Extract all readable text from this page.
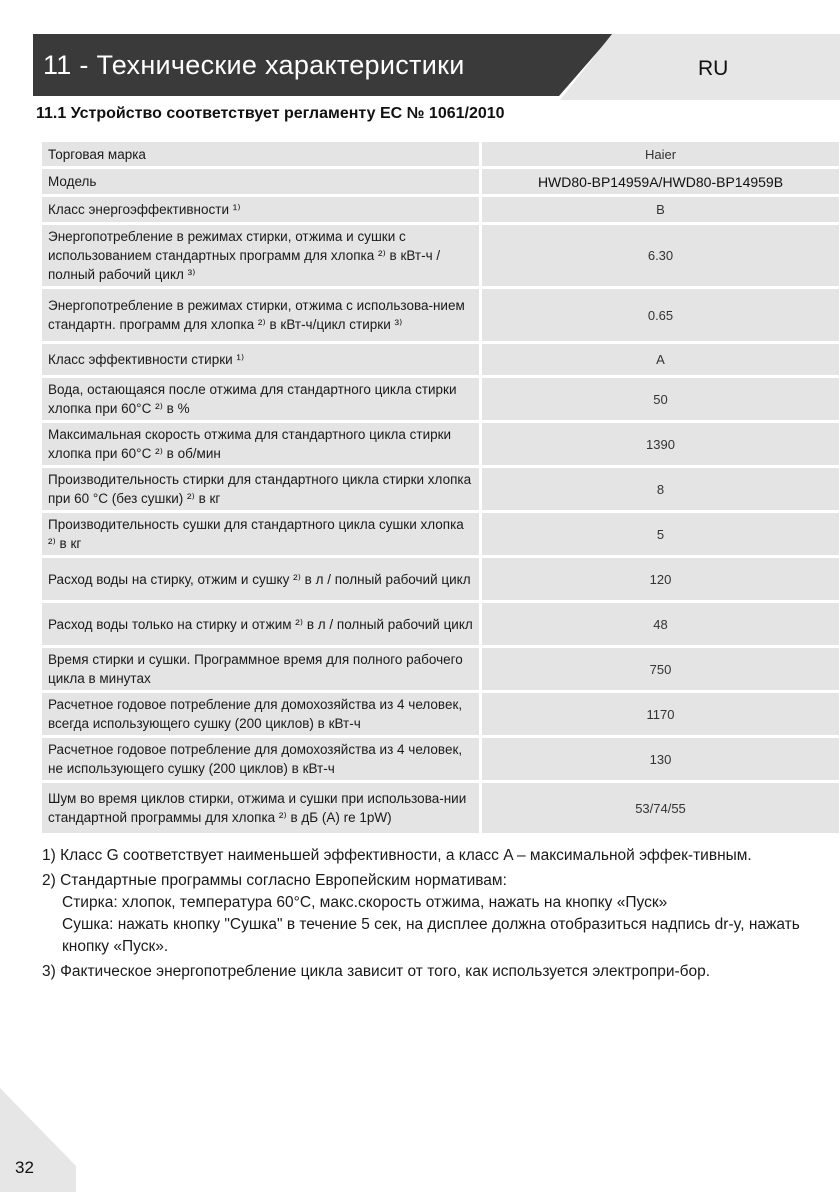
11 - Технические характеристики	RU
11.1 Устройство соответствует регламенту ЕС № 1061/2010
Торговая марка		Haier
Модель		HWD80-BP14959A/HWD80-BP14959B
Класс энергоэффективности ¹⁾		B
Энергопотребление в режимах стирки, отжима и сушки с использованием стандартных программ для хлопка ²⁾ в кВт-ч / полный рабочий цикл ³⁾		6.30
Энергопотребление в режимах стирки, отжима с использова-нием стандартн. программ для хлопка ²⁾ в кВт-ч/цикл стирки ³⁾		0.65
Класс эффективности стирки ¹⁾		A
Вода, остающаяся после отжима для стандартного цикла стирки хлопка при 60°C ²⁾ в %		50
Максимальная скорость отжима для стандартного цикла стирки хлопка при 60°C ²⁾ в об/мин		1390
Производительность стирки для стандартного цикла стирки хлопка при 60 °C (без сушки) ²⁾ в кг		8
Производительность сушки для стандартного цикла сушки хлопка ²⁾ в кг		5
Расход воды на стирку, отжим и сушку ²⁾ в л / полный рабочий цикл		120
Расход воды только на стирку и отжим ²⁾ в л / полный рабочий цикл		48
Время стирки и сушки. Программное время для полного рабочего цикла в минутах		750
Расчетное годовое потребление для домохозяйства из 4 человек, всегда использующего сушку (200 циклов) в кВт-ч		1170
Расчетное годовое потребление для домохозяйства из 4 человек, не использующего сушку (200 циклов) в кВт-ч		130
Шум во время циклов стирки, отжима и сушки при использова-нии стандартной программы для хлопка ²⁾ в дБ (А) re 1pW)		53/74/55
1) Класс G соответствует наименьшей эффективности, а класс A – максимальной эффек-тивным.
2) Стандартные программы согласно Европейским нормативам:
Стирка: хлопок, температура 60°C, макс.скорость отжима, нажать на кнопку «Пуск»
Сушка: нажать кнопку "Сушка" в течение 5 сек, на дисплее должна отобразиться надпись dr-y, нажать кнопку «Пуск».
3) Фактическое энергопотребление цикла зависит от того, как используется электропри-бор.
32
